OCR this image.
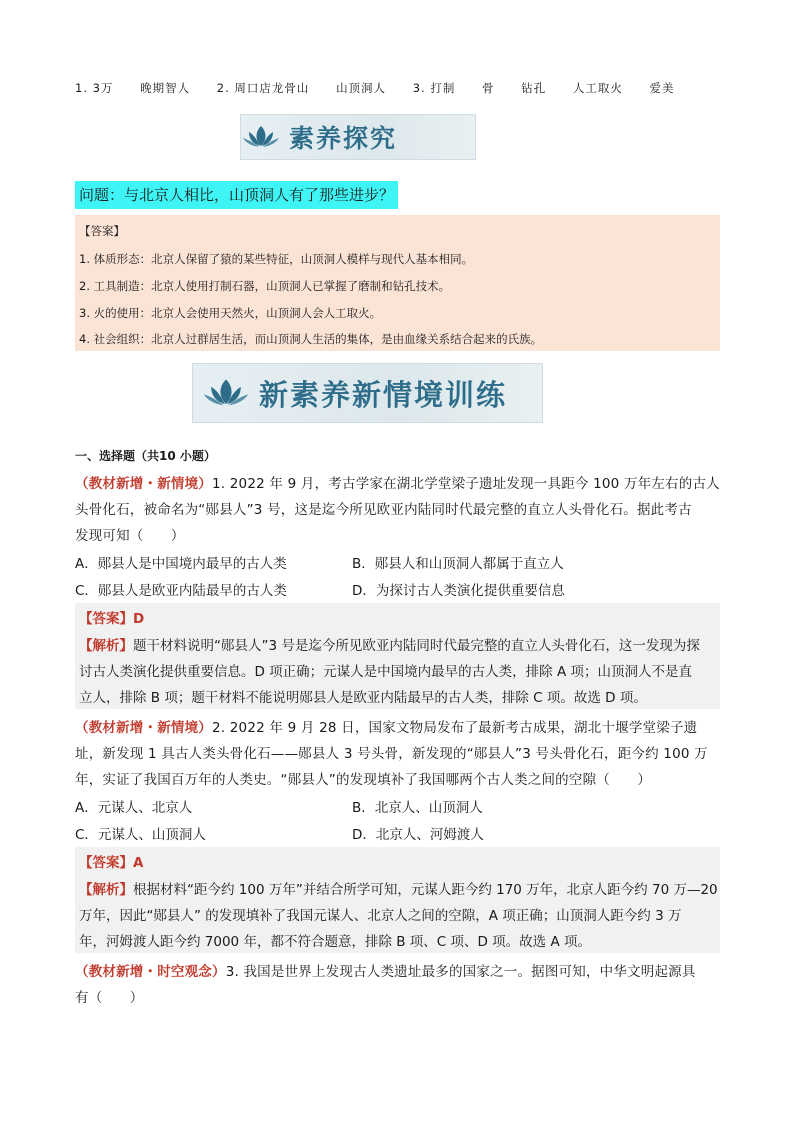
1. 3万 晚期智人 2. 周口店龙骨山 山顶洞人 3. 打制 骨 钻孔 人工取火 爱美
素养探究
问题：与北京人相比，山顶洞人有了那些进步？
【答案】
1. 体质形态：北京人保留了猿的某些特征，山顶洞人模样与现代人基本相同。
2. 工具制造：北京人使用打制石器，山顶洞人已掌握了磨制和钻孔技术。
3. 火的使用：北京人会使用天然火，山顶洞人会人工取火。
4. 社会组织：北京人过群居生活，而山顶洞人生活的集体，是由血缘关系结合起来的氏族。
新素养新情境训练
一、选择题（共10 小题）
（教材新增・新情境）1. 2022 年 9 月，考古学家在湖北学堂梁子遗址发现一具距今 100 万年左右的古人
头骨化石，被命名为“郧县人”3 号，这是迄今所见欧亚内陆同时代最完整的直立人头骨化石。据此考古
发现可知（　　）
A．郧县人是中国境内最早的古人类	B．郧县人和山顶洞人都属于直立人
C．郧县人是欧亚内陆最早的古人类	D．为探讨古人类演化提供重要信息
【答案】D
【解析】题干材料说明“郧县人”3 号是迄今所见欧亚内陆同时代最完整的直立人头骨化石，这一发现为探
讨古人类演化提供重要信息。D 项正确；元谋人是中国境内最早的古人类，排除 A 项；山顶洞人不是直
立人，排除 B 项；题干材料不能说明郧县人是欧亚内陆最早的古人类，排除 C 项。故选 D 项。
（教材新增・新情境）2. 2022 年 9 月 28 日，国家文物局发布了最新考古成果，湖北十堰学堂梁子遗
址，新发现 1 具古人类头骨化石——郧县人 3 号头骨，新发现的“郧县人”3 号头骨化石，距今约 100 万
年，实证了我国百万年的人类史。“郧县人”的发现填补了我国哪两个古人类之间的空隙（　　）
A．元谋人、北京人	B．北京人、山顶洞人
C．元谋人、山顶洞人	D．北京人、河姆渡人
【答案】A
【解析】根据材料“距今约 100 万年”并结合所学可知，元谋人距今约 170 万年，北京人距今约 70 万—20
万年，因此“郧县人” 的发现填补了我国元谋人、北京人之间的空隙，A 项正确；山顶洞人距今约 3 万
年，河姆渡人距今约 7000 年，都不符合题意，排除 B 项、C 项、D 项。故选 A 项。
（教材新增・时空观念）3. 我国是世界上发现古人类遗址最多的国家之一。据图可知，中华文明起源具
有（　　）
